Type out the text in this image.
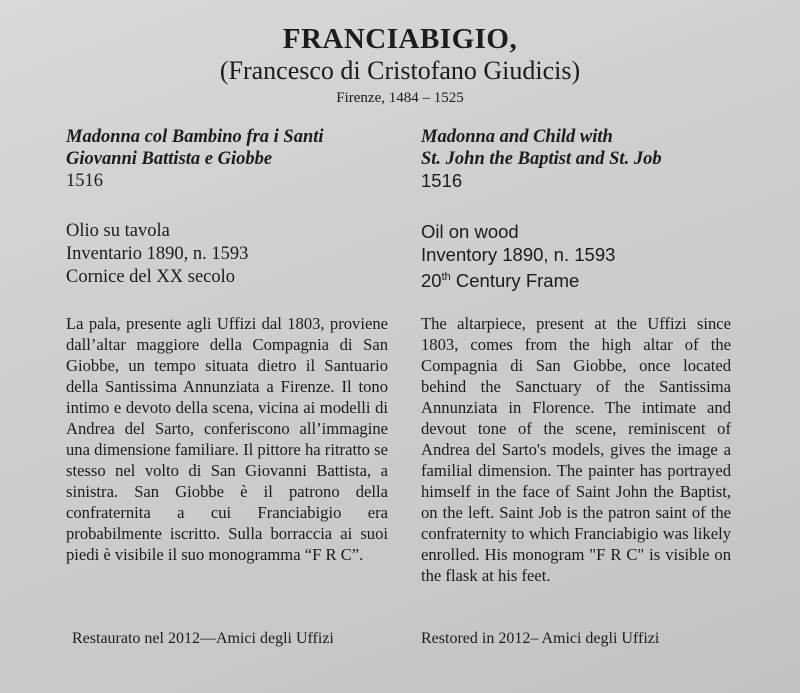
FRANCIABIGIO,
(Francesco di Cristofano Giudicis)
Firenze, 1484 – 1525
Madonna col Bambino fra i Santi
Giovanni Battista e Giobbe
1516
Olio su tavola
Inventario 1890, n. 1593
Cornice del XX secolo
La pala, presente agli Uffizi dal 1803, proviene dall’altar maggiore della Compagnia di San Giobbe, un tempo situata dietro il Santuario della Santissima Annunziata a Firenze. Il tono intimo e devoto della scena, vicina ai modelli di Andrea del Sarto, conferiscono all’immagine una dimensione familiare. Il pittore ha ritratto se stesso nel volto di San Giovanni Battista, a sinistra. San Giobbe è il patrono della confraternita a cui Franciabigio era probabilmente iscritto. Sulla borraccia ai suoi piedi è visibile il suo monogramma “F R C”.
Restaurato nel 2012—Amici degli Uffizi
Madonna and Child with
St. John the Baptist and St. Job
1516
Oil on wood
Inventory 1890, n. 1593
20th Century Frame
The altarpiece, present at the Uffizi since 1803, comes from the high altar of the Compagnia di San Giobbe, once located behind the Sanctuary of the Santissima Annunziata in Florence. The intimate and devout tone of the scene, reminiscent of Andrea del Sarto's models, gives the image a familial dimension. The painter has portrayed himself in the face of Saint John the Baptist, on the left. Saint Job is the patron saint of the confraternity to which Franciabigio was likely enrolled. His monogram "F R C" is visible on the flask at his feet.
Restored in 2012– Amici degli Uffizi
